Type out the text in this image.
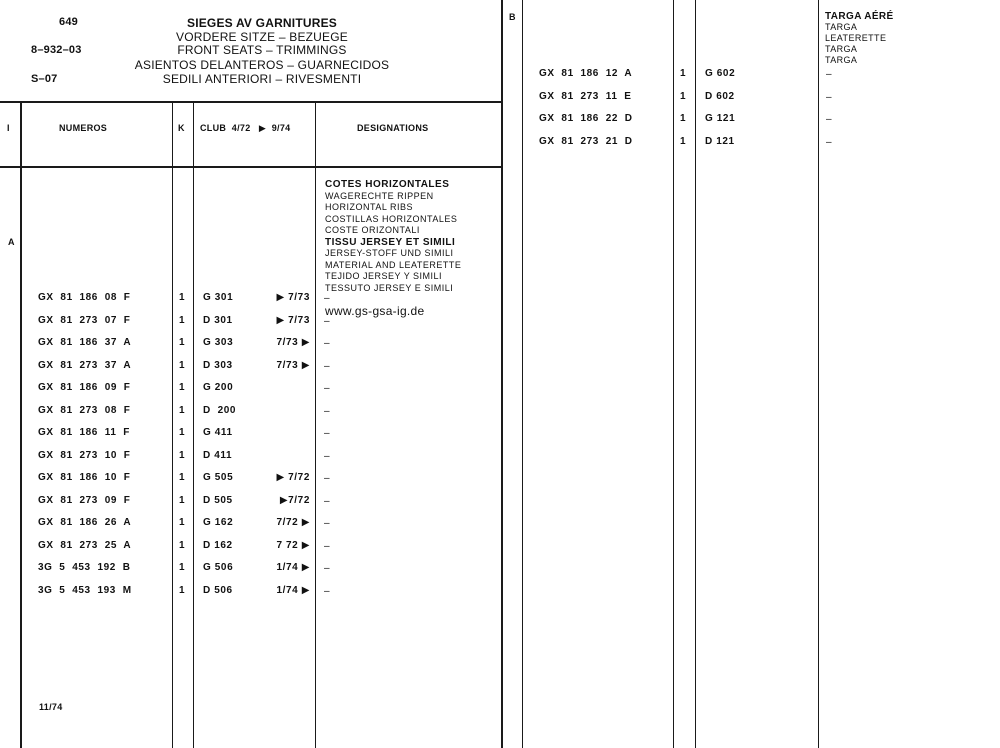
649
8–932–03
S–07
SIEGES AV GARNITURES
VORDERE SITZE – BEZUEGE
FRONT SEATS – TRIMMINGS
ASIENTOS DELANTEROS – GUARNECIDOS
SEDILI ANTERIORI – RIVESMENTI
I	NUMEROS	K CLUB  4/72   ▶  9/74	DESIGNATIONS
A
COTES HORIZONTALES
WAGERECHTE RIPPEN
HORIZONTAL RIBS
COSTILLAS HORIZONTALES
COSTE ORIZONTALI
TISSU JERSEY ET SIMILI
JERSEY-STOFF UND SIMILI
MATERIAL AND LEATERETTE
TEJIDO JERSEY Y SIMILI
TESSUTO JERSEY E SIMILI
www.gs-gsa-ig.de
GX  81  186  08  F	1 G 301	▶ 7/73 –
GX  81  273  07  F	1 D 301	▶ 7/73 –
GX  81  186  37  A	1 G 303	7/73 ▶ –
GX  81  273  37  A	1 D 303	7/73 ▶ –
GX  81  186  09  F	1 G 200	–
GX  81  273  08  F	1 D  200	–
GX  81  186  11  F	1 G 411	–
GX  81  273  10  F	1 D 411	–
GX  81  186  10  F	1 G 505	▶ 7/72 –
GX  81  273  09  F	1 D 505	▶7/72 –
GX  81  186  26  A	1 G 162	7/72 ▶ –
GX  81  273  25  A	1 D 162	7 72 ▶ –
3G  5  453  192  B	1 G 506	1/74 ▶ –
3G  5  453  193  M	1 D 506	1/74 ▶ –
11/74
B	TARGA AÉRÉ
TARGA
LEATERETTE
TARGA
TARGA
GX  81  186  12  A	1 G 602	–
GX  81  273  11  E	1 D 602	–
GX  81  186  22  D	1 G 121	–
GX  81  273  21  D	1 D 121	–
